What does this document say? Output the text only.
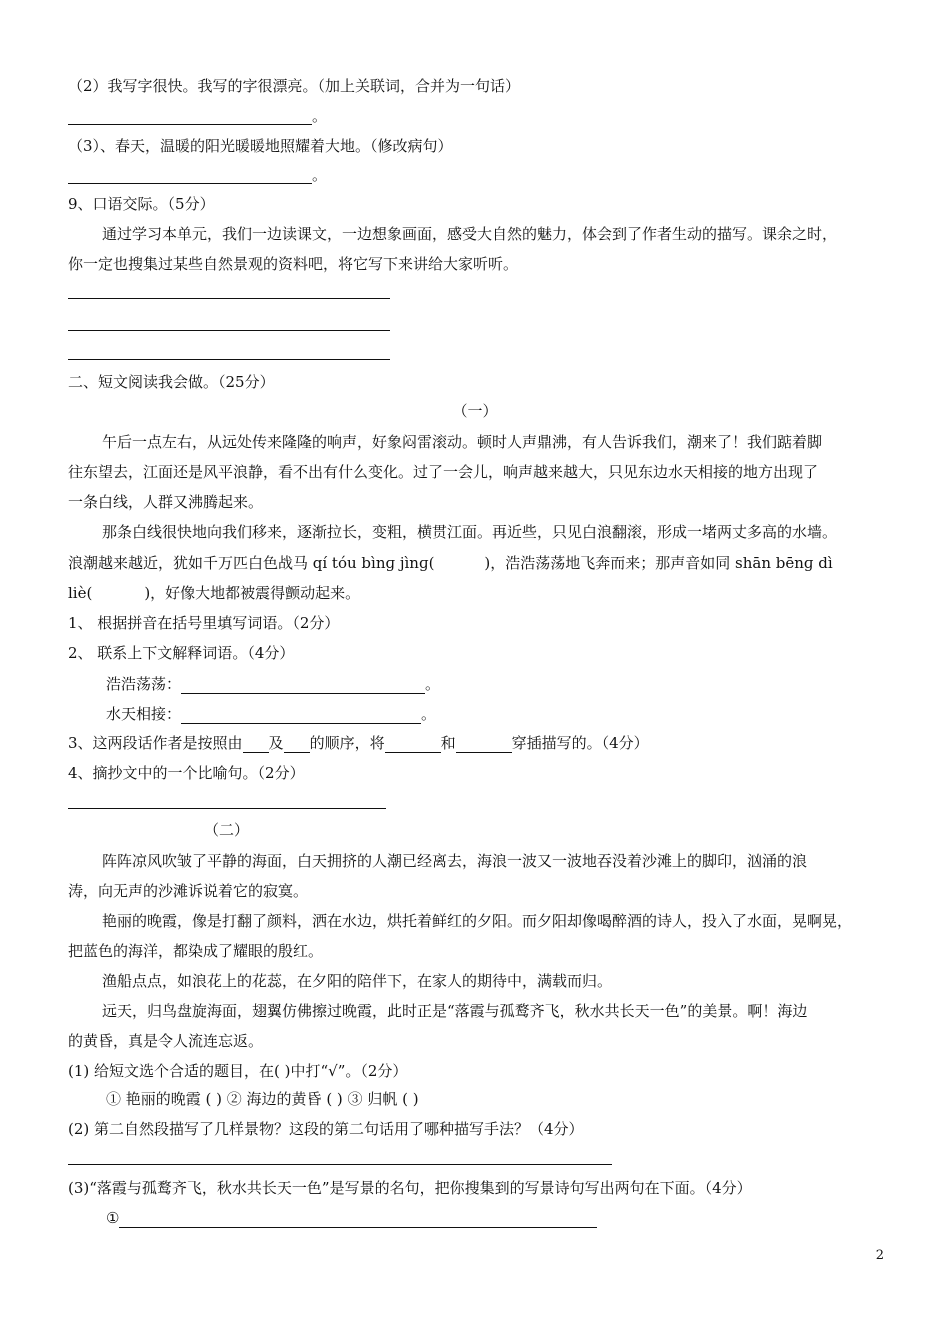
（2）我写字很快。我写的字很漂亮。（加上关联词，合并为一句话）
。
（3）、春天，温暖的阳光暖暖地照耀着大地。（修改病句）
。
9、口语交际。（5分）
通过学习本单元，我们一边读课文，一边想象画面，感受大自然的魅力，体会到了作者生动的描写。课余之时，
你一定也搜集过某些自然景观的资料吧，将它写下来讲给大家听听。
二、短文阅读我会做。（25分）
（一）
午后一点左右，从远处传来隆隆的响声，好象闷雷滚动。顿时人声鼎沸，有人告诉我们，潮来了！我们踮着脚
往东望去，江面还是风平浪静，看不出有什么变化。过了一会儿，响声越来越大，只见东边水天相接的地方出现了
一条白线，人群又沸腾起来。
那条白线很快地向我们移来，逐渐拉长，变粗，横贯江面。再近些，只见白浪翻滚，形成一堵两丈多高的水墙。
浪潮越来越近，犹如千万匹白色战马 qí tóu bìnɡ jìnɡ(	)，浩浩荡荡地飞奔而来；那声音如同 shān bēnɡ dì
liè(	)，好像大地都被震得颤动起来。
1、 根据拼音在括号里填写词语。（2分）
2、 联系上下文解释词语。（4分）
浩浩荡荡：	。
水天相接：	。
3、这两段话作者是按照由 及 的顺序，将	和	穿插描写的。（4分）
4、摘抄文中的一个比喻句。（2分）
（二）
阵阵凉风吹皱了平静的海面，白天拥挤的人潮已经离去，海浪一波又一波地吞没着沙滩上的脚印，汹涌的浪
涛，向无声的沙滩诉说着它的寂寞。
艳丽的晚霞，像是打翻了颜料，洒在水边，烘托着鲜红的夕阳。而夕阳却像喝醉酒的诗人，投入了水面，晃啊晃，
把蓝色的海洋，都染成了耀眼的殷红。
渔船点点，如浪花上的花蕊，在夕阳的陪伴下，在家人的期待中，满载而归。
远天，归鸟盘旋海面，翅翼仿佛擦过晚霞，此时正是“落霞与孤鹜齐飞，秋水共长天一色”的美景。啊！海边
的黄昏，真是令人流连忘返。
(1) 给短文选个合适的题目，在( )中打“√”。（2分）
① 艳丽的晚霞 ( ) ② 海边的黄昏 ( ) ③ 归帆 ( )
(2) 第二自然段描写了几样景物？这段的第二句话用了哪种描写手法？（4分）
(3)“落霞与孤鹜齐飞，秋水共长天一色”是写景的名句，把你搜集到的写景诗句写出两句在下面。（4分）
①
2
